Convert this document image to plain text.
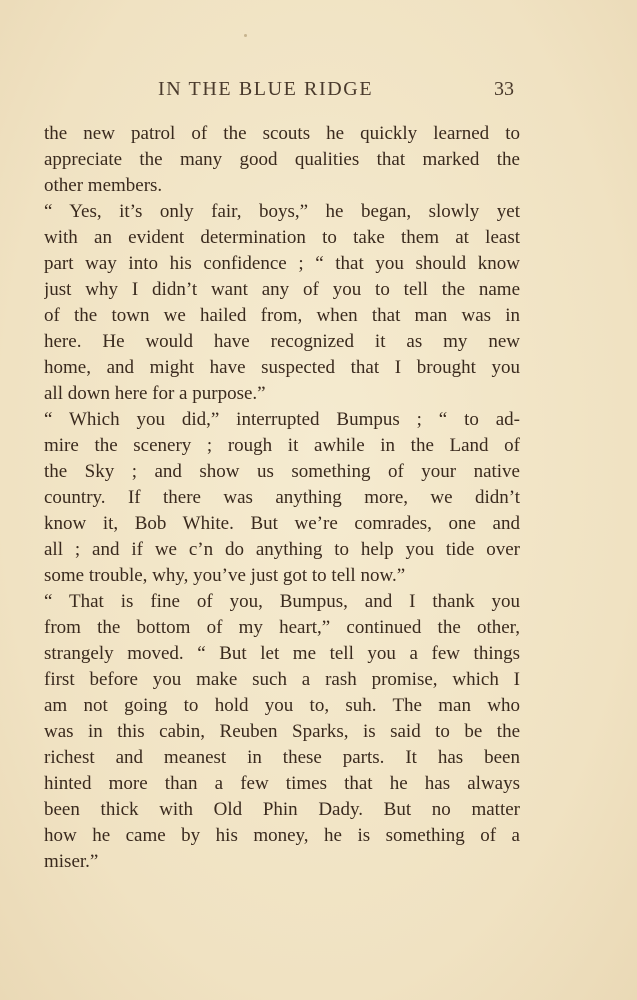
IN THE BLUE RIDGE	33
the new patrol of the scouts he quickly learned to
appreciate the many good qualities that marked the
other members.
“ Yes, it’s only fair, boys,” he began, slowly yet
with an evident determination to take them at least
part way into his confidence ; “ that you should know
just why I didn’t want any of you to tell the name
of the town we hailed from, when that man was in
here. He would have recognized it as my new
home, and might have suspected that I brought you
all down here for a purpose.”
“ Which you did,” interrupted Bumpus ; “ to ad-
mire the scenery ; rough it awhile in the Land of
the Sky ; and show us something of your native
country. If there was anything more, we didn’t
know it, Bob White. But we’re comrades, one and
all ; and if we c’n do anything to help you tide over
some trouble, why, you’ve just got to tell now.”
“ That is fine of you, Bumpus, and I thank you
from the bottom of my heart,” continued the other,
strangely moved. “ But let me tell you a few things
first before you make such a rash promise, which I
am not going to hold you to, suh. The man who
was in this cabin, Reuben Sparks, is said to be the
richest and meanest in these parts. It has been
hinted more than a few times that he has always
been thick with Old Phin Dady. But no matter
how he came by his money, he is something of a
miser.”
